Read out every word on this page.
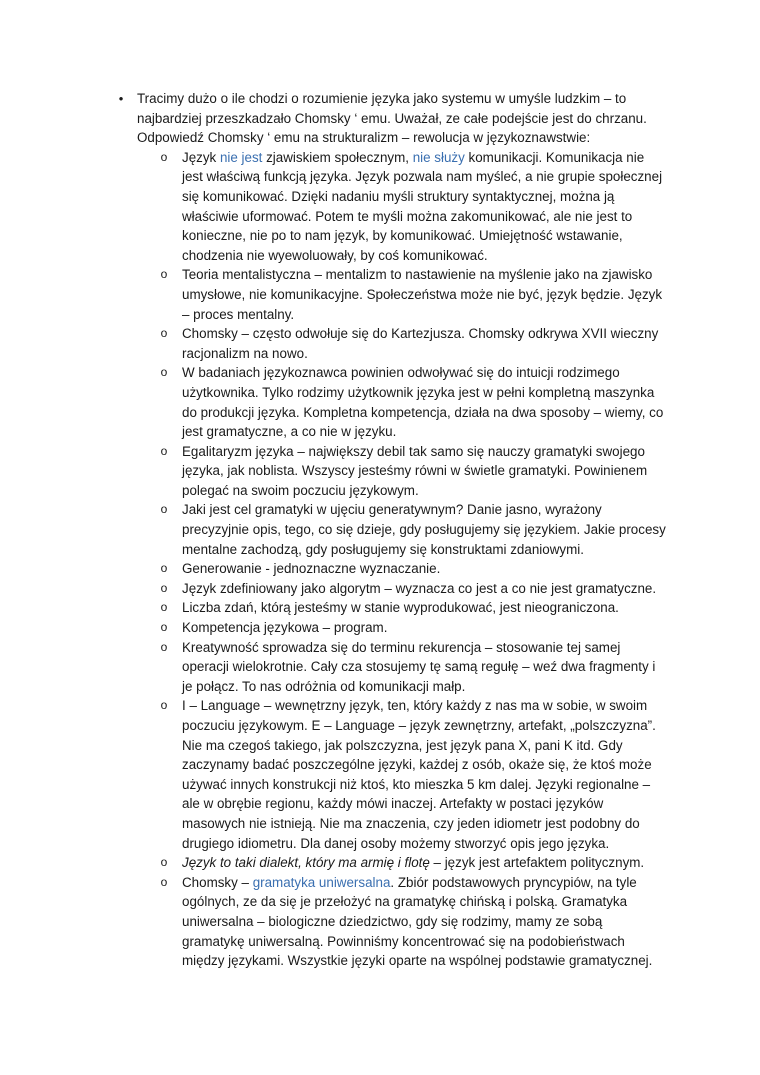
• Tracimy dużo o ile chodzi o rozumienie języka jako systemu w umyśle ludzkim – to najbardziej przeszkadzało Chomsky ‘ emu. Uważał, ze całe podejście jest do chrzanu. Odpowiedź Chomsky ‘ emu na strukturalizm – rewolucja w językoznawstwie:

o Język nie jest zjawiskiem społecznym, nie służy komunikacji. Komunikacja nie jest właściwą funkcją języka. Język pozwala nam myśleć, a nie grupie społecznej się komunikować. Dzięki nadaniu myśli struktury syntaktycznej, można ją właściwie uformować. Potem te myśli można zakomunikować, ale nie jest to konieczne, nie po to nam język, by komunikować. Umiejętność wstawanie, chodzenia nie wyewoluowały, by coś komunikować.
o Teoria mentalistyczna – mentalizm to nastawienie na myślenie jako na zjawisko umysłowe, nie komunikacyjne. Społeczeństwa może nie być, język będzie. Język – proces mentalny.
o Chomsky – często odwołuje się do Kartezjusza. Chomsky odkrywa XVII wieczny racjonalizm na nowo.
o W badaniach językoznawca powinien odwoływać się do intuicji rodzimego użytkownika. Tylko rodzimy użytkownik języka jest w pełni kompletną maszynka do produkcji języka. Kompletna kompetencja, działa na dwa sposoby – wiemy, co jest gramatyczne, a co nie w języku.
o Egalitaryzm języka – największy debil tak samo się nauczy gramatyki swojego języka, jak noblista. Wszyscy jesteśmy równi w świetle gramatyki. Powinienem polegać na swoim poczuciu językowym.
o Jaki jest cel gramatyki w ujęciu generatywnym? Danie jasno, wyrażony precyzyjnie opis, tego, co się dzieje, gdy posługujemy się językiem. Jakie procesy mentalne zachodzą, gdy posługujemy się konstruktami zdaniowymi.
o Generowanie - jednoznaczne wyznaczanie.
o Język zdefiniowany jako algorytm – wyznacza co jest a co nie jest gramatyczne.
o Liczba zdań, którą jesteśmy w stanie wyprodukować, jest nieograniczona.
o Kompetencja językowa – program.
o Kreatywność sprowadza się do terminu rekurencja – stosowanie tej samej operacji wielokrotnie. Cały cza stosujemy tę samą regułę – weź dwa fragmenty i je połącz. To nas odróżnia od komunikacji małp.
o I – Language – wewnętrzny język, ten, który każdy z nas ma w sobie, w swoim poczuciu językowym. E – Language – język zewnętrzny, artefakt, „polszczyzna”. Nie ma czegoś takiego, jak polszczyzna, jest język pana X, pani K itd. Gdy zaczynamy badać poszczególne języki, każdej z osób, okaże się, że ktoś może używać innych konstrukcji niż ktoś, kto mieszka 5 km dalej. Języki regionalne – ale w obrębie regionu, każdy mówi inaczej. Artefakty w postaci języków masowych nie istnieją. Nie ma znaczenia, czy jeden idiometr jest podobny do drugiego idiometru. Dla danej osoby możemy stworzyć opis jego języka.
o Język to taki dialekt, który ma armię i flotę – język jest artefaktem politycznym.
o Chomsky – gramatyka uniwersalna. Zbiór podstawowych pryncypiów, na tyle ogólnych, ze da się je przełożyć na gramatykę chińską i polską. Gramatyka uniwersalna – biologiczne dziedzictwo, gdy się rodzimy, mamy ze sobą gramatykę uniwersalną. Powinniśmy koncentrować się na podobieństwach między językami. Wszystkie języki oparte na wspólnej podstawie gramatycznej.
